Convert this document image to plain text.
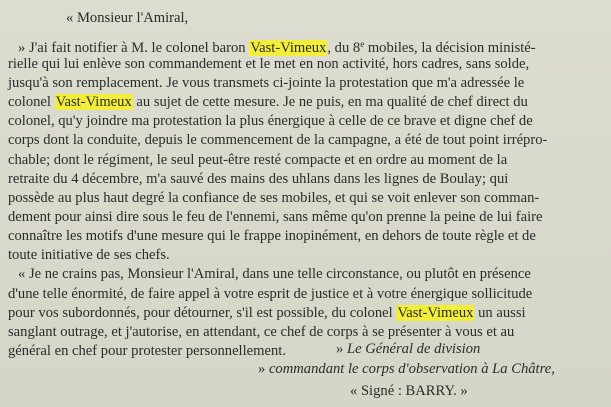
« Monsieur l'Amiral,
» J'ai fait notifier à M. le colonel baron Vast-Vimeux, du 8e mobiles, la décision ministé-
rielle qui lui enlève son commandement et le met en non activité, hors cadres, sans solde,
jusqu'à son remplacement. Je vous transmets ci-jointe la protestation que m'a adressée le
colonel Vast-Vimeux au sujet de cette mesure. Je ne puis, en ma qualité de chef direct du
colonel, qu'y joindre ma protestation la plus énergique à celle de ce brave et digne chef de
corps dont la conduite, depuis le commencement de la campagne, a été de tout point irrépro-
chable; dont le régiment, le seul peut-être resté compacte et en ordre au moment de la
retraite du 4 décembre, m'a sauvé des mains des uhlans dans les lignes de Boulay; qui
possède au plus haut degré la confiance de ses mobiles, et qui se voit enlever son comman-
dement pour ainsi dire sous le feu de l'ennemi, sans même qu'on prenne la peine de lui faire
connaître les motifs d'une mesure qui le frappe inopinément, en dehors de toute règle et de
toute initiative de ses chefs.
« Je ne crains pas, Monsieur l'Amiral, dans une telle circonstance, ou plutôt en présence
d'une telle énormité, de faire appel à votre esprit de justice et à votre énergique sollicitude
pour vos subordonnés, pour détourner, s'il est possible, du colonel Vast-Vimeux un aussi
sanglant outrage, et j'autorise, en attendant, ce chef de corps à se présenter à vous et au
général en chef pour protester personnellement.	» Le Général de division
» commandant le corps d'observation à La Châtre,
« Signé : BARRY. »
